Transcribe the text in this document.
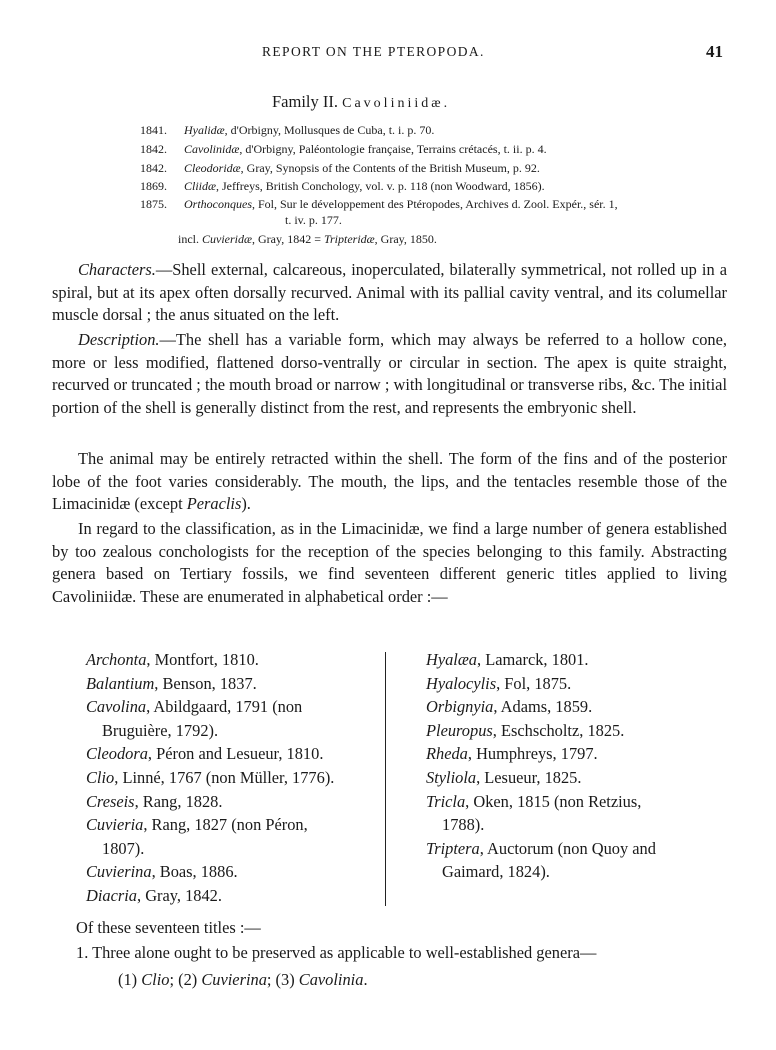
REPORT ON THE PTEROPODA.	41
Family II. Cavoliniidæ.
1841. Hyalidæ, d'Orbigny, Mollusques de Cuba, t. i. p. 70.
1842. Cavolinidæ, d'Orbigny, Paléontologie française, Terrains crétacés, t. ii. p. 4.
1842. Cleodoridæ, Gray, Synopsis of the Contents of the British Museum, p. 92.
1869. Cliidæ, Jeffreys, British Conchology, vol. v. p. 118 (non Woodward, 1856).
1875. Orthoconques, Fol, Sur le développement des Ptéropodes, Archives d. Zool. Expér., sér. 1,
t. iv. p. 177.
incl. Cuvieridæ, Gray, 1842 = Tripteridæ, Gray, 1850.
Characters.—Shell external, calcareous, inoperculated, bilaterally symmetrical, not rolled up in a spiral, but at its apex often dorsally recurved. Animal with its pallial cavity ventral, and its columellar muscle dorsal ; the anus situated on the left.
Description.—The shell has a variable form, which may always be referred to a hollow cone, more or less modified, flattened dorso-ventrally or circular in section. The apex is quite straight, recurved or truncated ; the mouth broad or narrow ; with longitudinal or transverse ribs, &c. The initial portion of the shell is generally distinct from the rest, and represents the embryonic shell.
The animal may be entirely retracted within the shell. The form of the fins and of the posterior lobe of the foot varies considerably. The mouth, the lips, and the tentacles resemble those of the Limacinidæ (except Peraclis).
In regard to the classification, as in the Limacinidæ, we find a large number of genera established by too zealous conchologists for the reception of the species belonging to this family. Abstracting genera based on Tertiary fossils, we find seventeen different generic titles applied to living Cavoliniidæ. These are enumerated in alphabetical order :—
Archonta, Montfort, 1810.
Balantium, Benson, 1837.
Cavolina, Abildgaard, 1791 (non
Bruguière, 1792).
Cleodora, Péron and Lesueur, 1810.
Clio, Linné, 1767 (non Müller, 1776).
Creseis, Rang, 1828.
Cuvieria, Rang, 1827 (non Péron,
1807).
Cuvierina, Boas, 1886.
Diacria, Gray, 1842.
Hyalæa, Lamarck, 1801.
Hyalocylis, Fol, 1875.
Orbignyia, Adams, 1859.
Pleuropus, Eschscholtz, 1825.
Rheda, Humphreys, 1797.
Styliola, Lesueur, 1825.
Tricla, Oken, 1815 (non Retzius,
1788).
Triptera, Auctorum (non Quoy and
Gaimard, 1824).
Of these seventeen titles :—
1. Three alone ought to be preserved as applicable to well-established genera—
(1) Clio; (2) Cuvierina; (3) Cavolinia.
